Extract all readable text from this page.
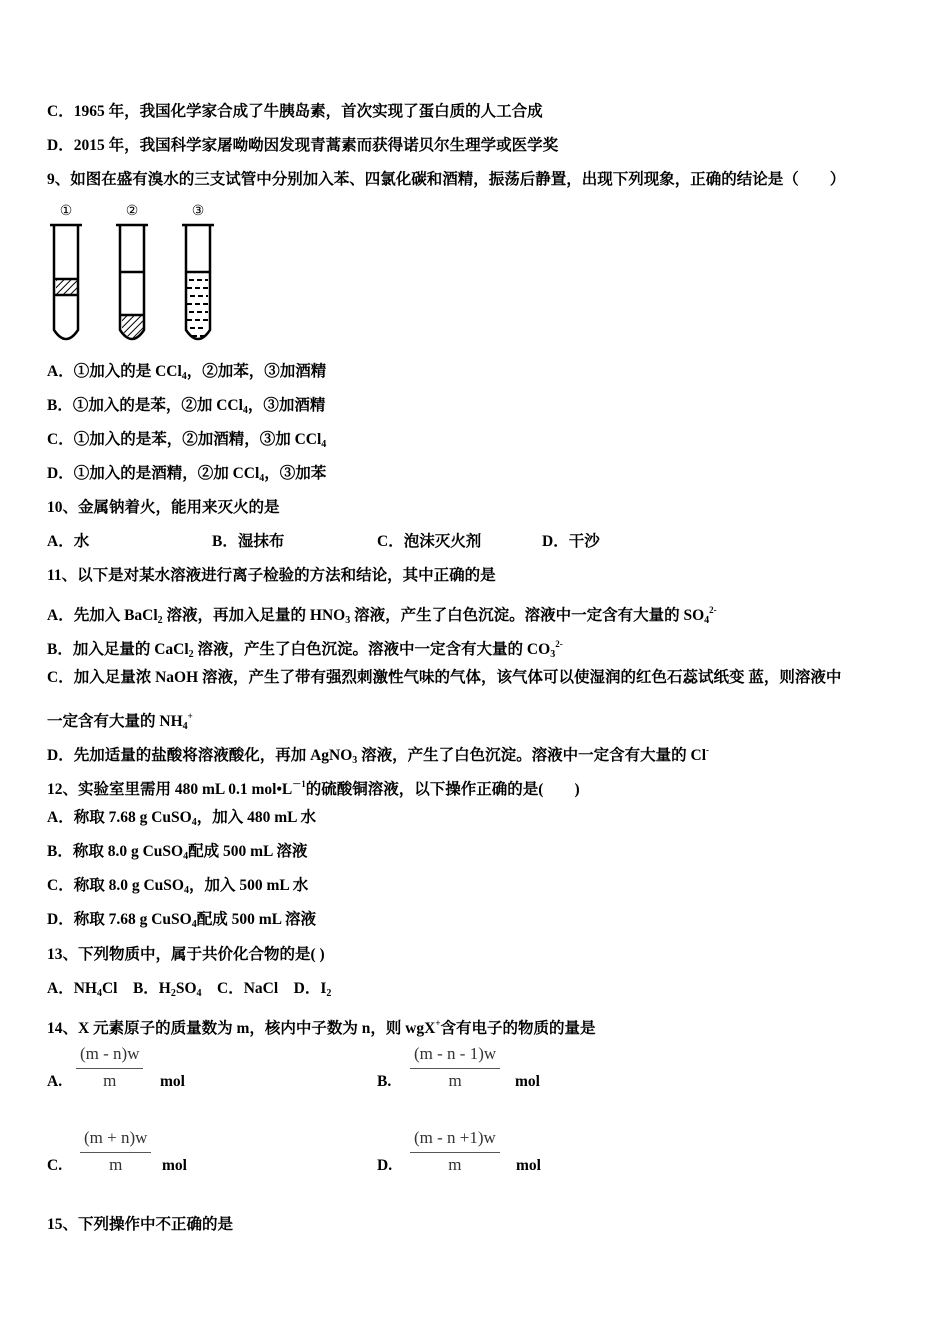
C．1965 年，我国化学家合成了牛胰岛素，首次实现了蛋白质的人工合成
D．2015 年，我国科学家屠呦呦因发现青蒿素而获得诺贝尔生理学或医学奖
9、如图在盛有溴水的三支试管中分别加入苯、四氯化碳和酒精，振荡后静置，出现下列现象，正确的结论是（　　）
A．①加入的是 CCl$_4$，②加苯，③加酒精
B．①加入的是苯，②加 CCl$_4$，③加酒精
C．①加入的是苯，②加酒精，③加 CCl$_4$
D．①加入的是酒精，②加 CCl$_4$，③加苯
10、金属钠着火，能用来灭火的是
11、以下是对某水溶液进行离子检验的方法和结论，其中正确的是
A．先加入 BaCl$_2$ 溶液，再加入足量的 $HNO_3$ 溶液，产生了白色沉淀。溶液中一定含有大量的 $SO_4^{2-}$
B．加入足量的 CaCl$_2$ 溶液，产生了白色沉淀。溶液中一定含有大量的 $CO_3^{2-}$
C．加入足量浓 NaOH 溶液，产生了带有强烈刺激性气味的气体，该气体可以使湿润的红色石蕊试纸变 蓝，则溶液中
一定含有大量的 $NH_4^+$
D．先加适量的盐酸将溶液酸化，再加 AgNO$_3$ 溶液，产生了白色沉淀。溶液中一定含有大量的 Cl-
12、实验室里需用 480 mL 0.1 $mol•L^{-1}$的硫酸铜溶液，以下操作正确的是(　　)
A．称取 7.68 g CuSO$_4$，加入 480 mL 水
B．称取 8.0 g CuSO$_4$配成 500 mL 溶液
C．称取 8.0 g CuSO$_4$，加入 500 mL 水
D．称取 7.68 g CuSO$_4$配成 500 mL 溶液
13、下列物质中，属于共价化合物的是( )
A．$NH_4Cl$　B．$H_2SO_4$　C．NaCl　D．$I_2$
14、X 元素原子的质量数为 m，核内中子数为 n，则 wgX+含有电子的物质的量是
15、下列操作中不正确的是
①	②	③
A．水	B．湿抹布	C．泡沫灭火剂	D．干沙
A. $\frac{(m - n)w}{m}$ mol	B. $\frac{(m - n - 1)w}{m}$ mol
C. $\frac{(m + n)w}{m}$ mol	D. $\frac{(m - n +1)w}{m}$ mol
